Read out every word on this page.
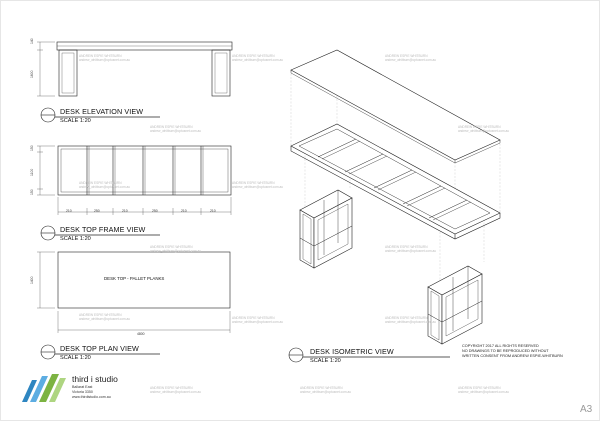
DESK ELEVATION VIEW
SCALE 1:20
140
1600
150
1100
150
210	250	210	250	210	210
DESK TOP FRAME VIEW
SCALE 1:20
DESK TOP - PALLET PLANKS
1400
4800
DESK TOP PLAN VIEW
SCALE 1:20
DESK ISOMETRIC VIEW
SCALE 1:20
ANDREW ESPIE WHITBURN
andrew_whitburn@optusnet.com.au
ANDREW ESPIE WHITBURN
andrew_whitburn@optusnet.com.au
ANDREW ESPIE WHITBURN
andrew_whitburn@optusnet.com.au
ANDREW ESPIE WHITBURN
andrew_whitburn@optusnet.com.au
ANDREW ESPIE WHITBURN
andrew_whitburn@optusnet.com.au
ANDREW ESPIE WHITBURN
andrew_whitburn@optusnet.com.au
ANDREW ESPIE WHITBURN
andrew_whitburn@optusnet.com.au
ANDREW ESPIE WHITBURN
andrew_whitburn@optusnet.com.au
ANDREW ESPIE WHITBURN
andrew_whitburn@optusnet.com.au
ANDREW ESPIE WHITBURN
andrew_whitburn@optusnet.com.au	ANDREW ESPIE WHITBURN
andrew_whitburn@optusnet.com.au
ANDREW ESPIE WHITBURN
andrew_whitburn@optusnet.com.au
ANDREW ESPIE WHITBURN
andrew_whitburn@optusnet.com.au
ANDREW ESPIE WHITBURN
andrew_whitburn@optusnet.com.au
ANDREW ESPIE WHITBURN
andrew_whitburn@optusnet.com.au
COPYRIGHT 2017 ALL RIGHTS RESERVED
NO DRAWINGS TO BE REPRODUCED WITHOUT
WRITTEN CONSENT FROM ANDREW ESPIE-WHITBURN
third i studio
Ballarat East
Victoria 3350
www.thirdistudio.com.au
A3
